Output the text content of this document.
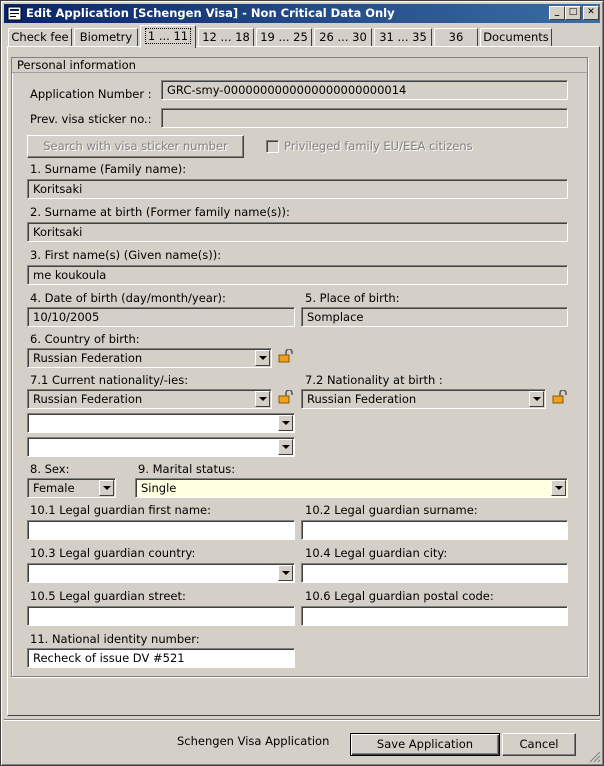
Edit Application [Schengen Visa] - Non Critical Data Only	_	□	✕
Check fee Biometry	1 ... 11	12 ... 18 19 ... 25 26 ... 30	31 ... 35	36	Documents
Personal information
Application Number :	GRC-smy-0000000000000000000000014
Prev. visa sticker no.:
Search with visa sticker number	Privileged family EU/EEA citizens
1. Surname (Family name):
Koritsaki
2. Surname at birth (Former family name(s)):
Koritsaki
3. First name(s) (Given name(s)):
me koukoula
4. Date of birth (day/month/year):
10/10/2005
5. Place of birth:
Somplace
6. Country of birth:
Russian Federation
7.1 Current nationality/-ies:
Russian Federation
7.2 Nationality at birth :
Russian Federation
8. Sex:
Female
9. Marital status:
Single
10.1 Legal guardian first name:	10.2 Legal guardian surname:
10.3 Legal guardian country:	10.4 Legal guardian city:
10.5 Legal guardian street:	10.6 Legal guardian postal code:
11. National identity number:
Recheck of issue DV #521
Schengen Visa Application	Save Application	Cancel
